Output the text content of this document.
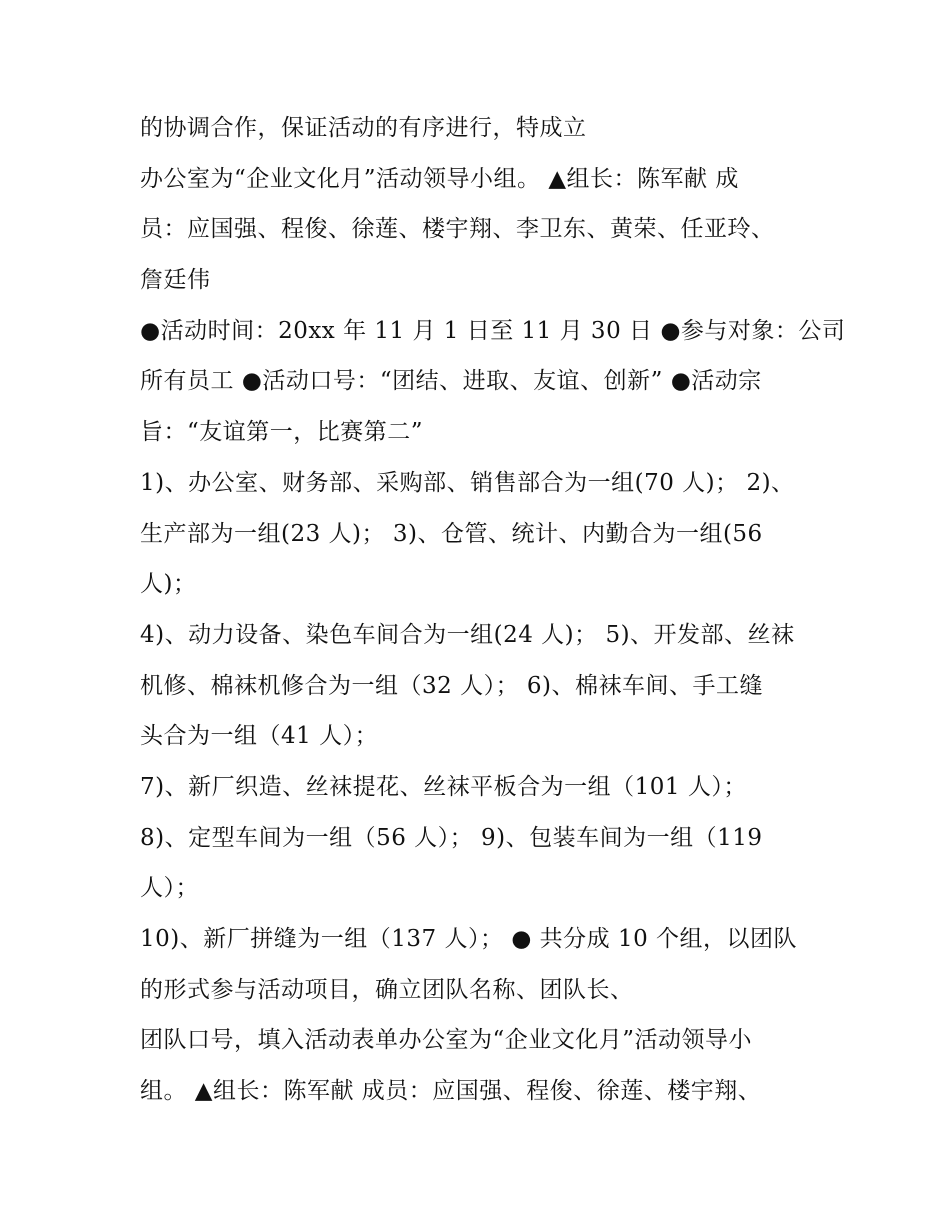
的协调合作，保证活动的有序进行，特成立
办公室为“企业文化月”活动领导小组。 ▲组长：陈军献 成
员：应国强、程俊、徐莲、楼宇翔、李卫东、黄荣、任亚玲、
詹廷伟
●活动时间：20xx 年 11 月 1 日至 11 月 30 日 ●参与对象：公司
所有员工 ●活动口号：“团结、进取、友谊、创新” ●活动宗
旨：“友谊第一，比赛第二”
1)、办公室、财务部、采购部、销售部合为一组(70 人)； 2)、
生产部为一组(23 人)； 3)、仓管、统计、内勤合为一组(56
人)；
4)、动力设备、染色车间合为一组(24 人)； 5)、开发部、丝袜
机修、棉袜机修合为一组（32 人）； 6)、棉袜车间、手工缝
头合为一组（41 人）；
7)、新厂织造、丝袜提花、丝袜平板合为一组（101 人）；
8)、定型车间为一组（56 人）； 9)、包装车间为一组（119
人）；
10)、新厂拼缝为一组（137 人）； ● 共分成 10 个组，以团队
的形式参与活动项目，确立团队名称、团队长、
团队口号，填入活动表单办公室为“企业文化月”活动领导小
组。 ▲组长：陈军献 成员：应国强、程俊、徐莲、楼宇翔、
